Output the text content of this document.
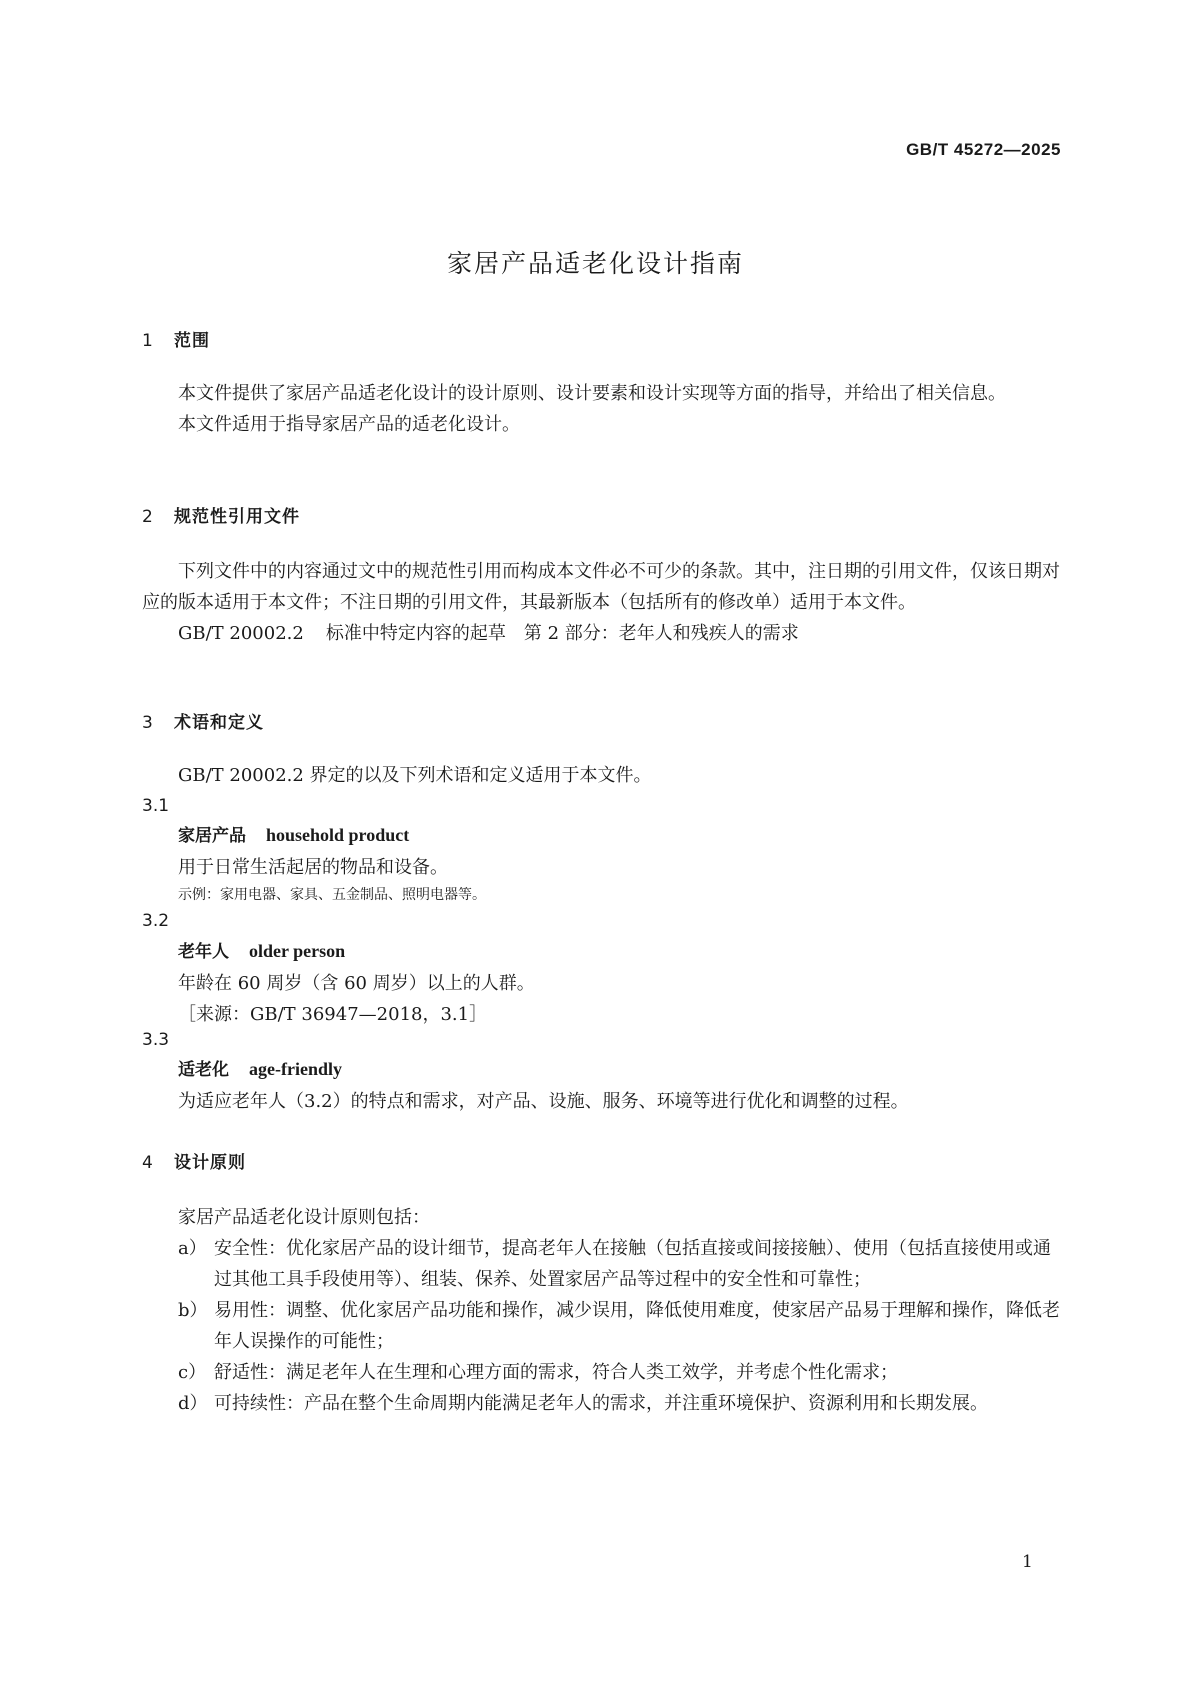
GB/T 45272—2025
家居产品适老化设计指南
1 范围

本文件提供了家居产品适老化设计的设计原则、设计要素和设计实现等方面的指导，并给出了相关信息。

本文件适用于指导家居产品的适老化设计。

2 规范性引用文件

下列文件中的内容通过文中的规范性引用而构成本文件必不可少的条款。其中，注日期的引用文件，仅该日期对应的版本适用于本文件；不注日期的引用文件，其最新版本（包括所有的修改单）适用于本文件。

GB/T 20002.2 标准中特定内容的起草　第 2 部分：老年人和残疾人的需求

3 术语和定义

GB/T 20002.2 界定的以及下列术语和定义适用于本文件。

3.1

家居产品 household product

用于日常生活起居的物品和设备。

示例：家用电器、家具、五金制品、照明电器等。

3.2

老年人 older person

年龄在 60 周岁（含 60 周岁）以上的人群。

［来源：GB/T 36947—2018，3.1］

3.3

适老化 age-friendly

为适应老年人（3.2）的特点和需求，对产品、设施、服务、环境等进行优化和调整的过程。

4 设计原则

家居产品适老化设计原则包括：

a） 安全性：优化家居产品的设计细节，提高老年人在接触（包括直接或间接接触）、使用（包括直接使用或通过其他工具手段使用等）、组装、保养、处置家居产品等过程中的安全性和可靠性；

b） 易用性：调整、优化家居产品功能和操作，减少误用，降低使用难度，使家居产品易于理解和操作，降低老年人误操作的可能性；

c） 舒适性：满足老年人在生理和心理方面的需求，符合人类工效学，并考虑个性化需求；

d） 可持续性：产品在整个生命周期内能满足老年人的需求，并注重环境保护、资源利用和长期发展。

1
